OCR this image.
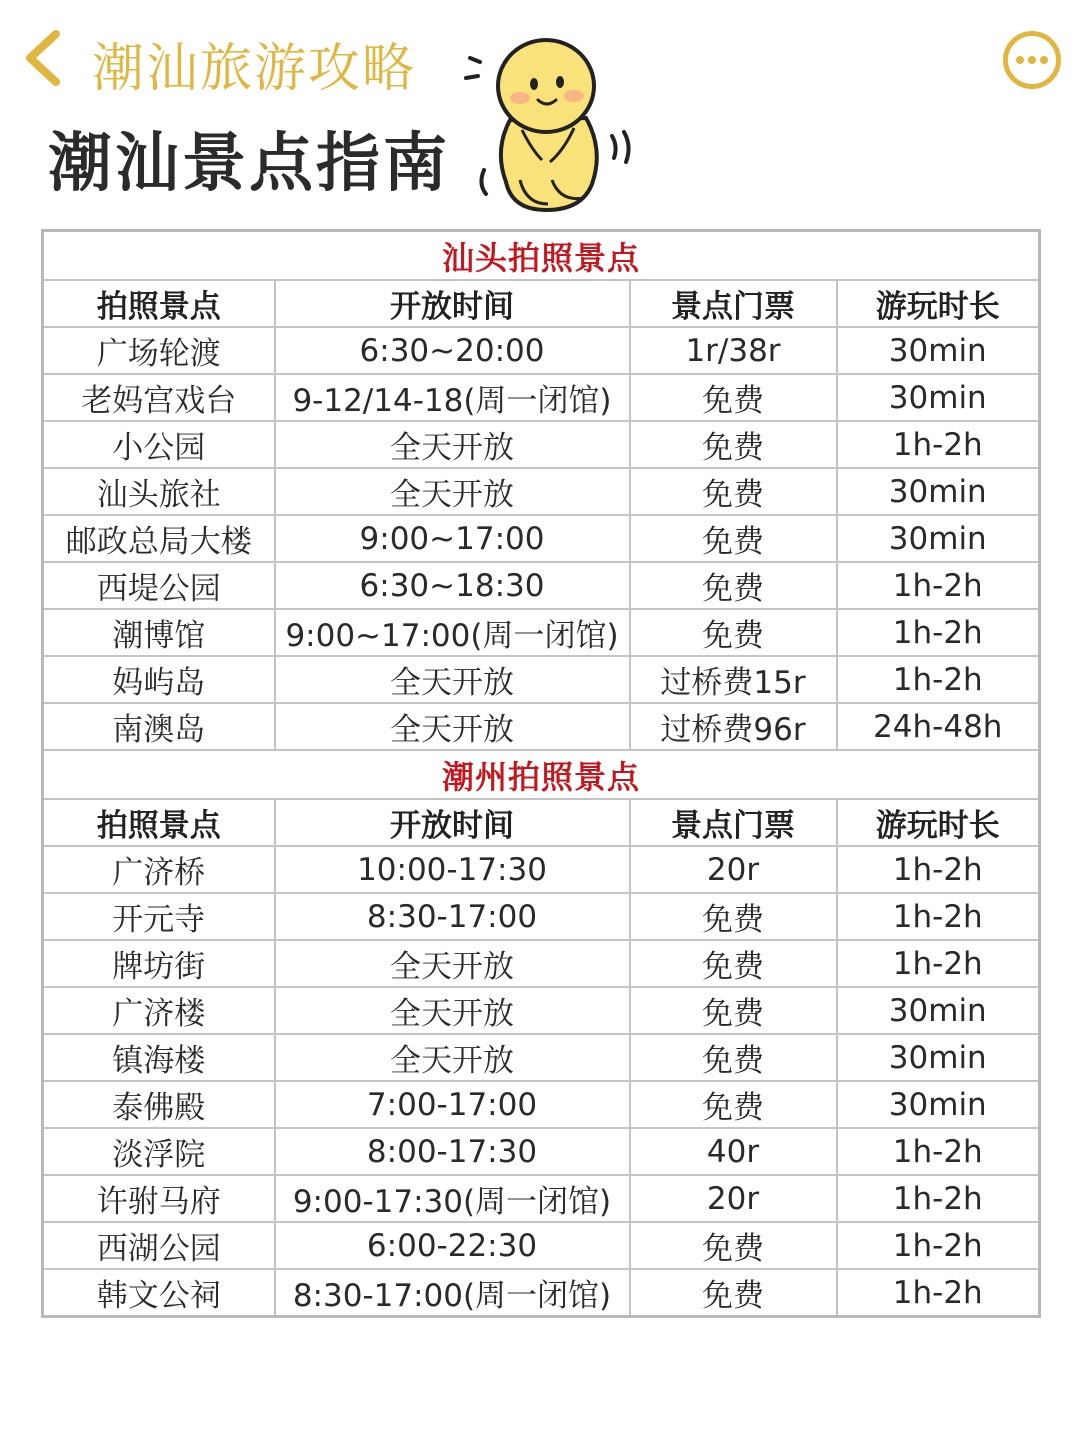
潮汕旅游攻略
潮汕景点指南
汕头拍照景点			
拍照景点	开放时间	景点门票	游玩时长
广场轮渡	6:30~20:00	1r/38r	30min
老妈宫戏台	9-12/14-18(周一闭馆)	免费	30min
小公园	全天开放	免费	1h-2h
汕头旅社	全天开放	免费	30min
邮政总局大楼	9:00~17:00	免费	30min
西堤公园	6:30~18:30	免费	1h-2h
潮博馆	9:00~17:00(周一闭馆)	免费	1h-2h
妈屿岛	全天开放	过桥费15r	1h-2h
南澳岛	全天开放	过桥费96r	24h-48h
潮州拍照景点			
拍照景点	开放时间	景点门票	游玩时长
广济桥	10:00-17:30	20r	1h-2h
开元寺	8:30-17:00	免费	1h-2h
牌坊街	全天开放	免费	1h-2h
广济楼	全天开放	免费	30min
镇海楼	全天开放	免费	30min
泰佛殿	7:00-17:00	免费	30min
淡浮院	8:00-17:30	40r	1h-2h
许驸马府	9:00-17:30(周一闭馆)	20r	1h-2h
西湖公园	6:00-22:30	免费	1h-2h
韩文公祠	8:30-17:00(周一闭馆)	免费	1h-2h
